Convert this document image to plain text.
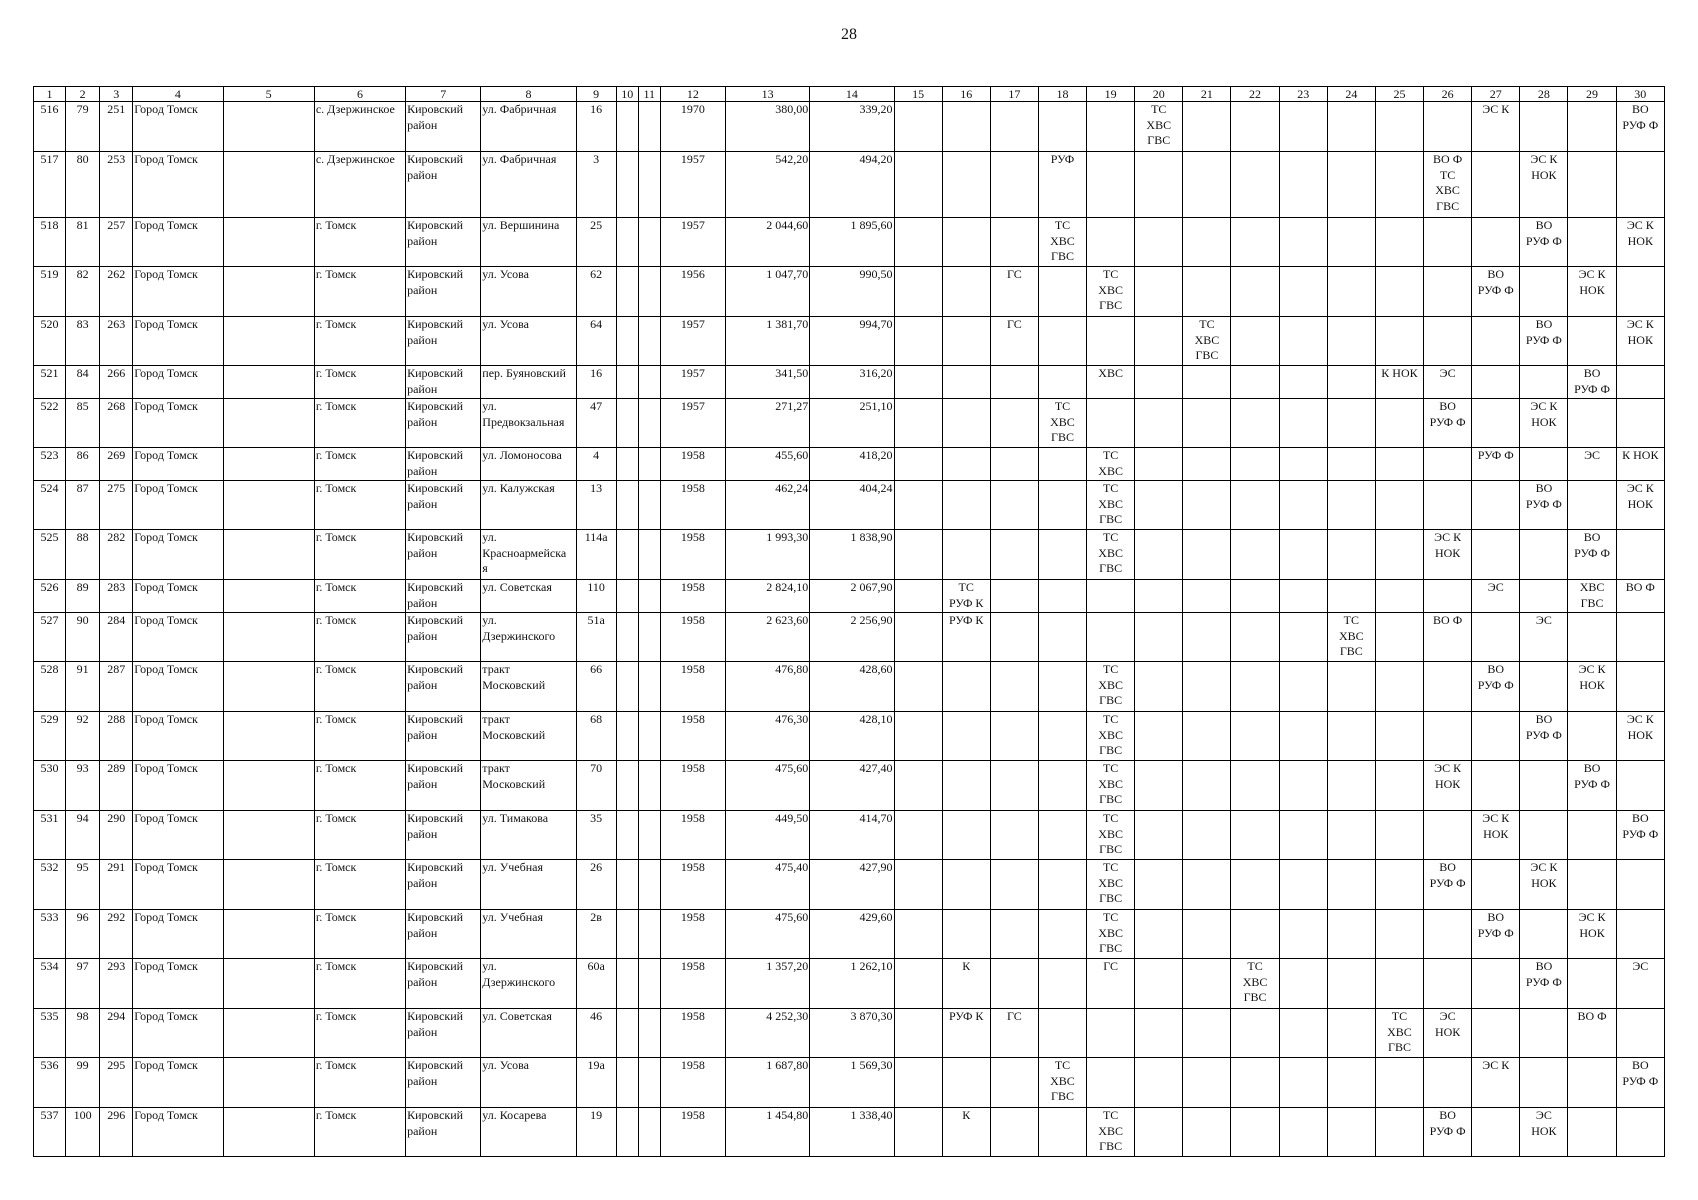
28
1	2	3	4	5	6	7	8	9	10	11	12	13	14	15	16	17	18	19	20	21	22	23	24	25	26	27	28	29	30
516	79	251	Город Томск		с. Дзержинское	Кировский
район	ул. Фабричная	16			1970	380,00	339,20						ТС
ХВС
ГВС							ЭС К			ВО
РУФ Ф
517	80	253	Город Томск		с. Дзержинское	Кировский
район	ул. Фабричная	3			1957	542,20	494,20				РУФ								ВО Ф
ТС
ХВС
ГВС		ЭС К
НОК		
518	81	257	Город Томск		г. Томск	Кировский
район	ул. Вершинина	25			1957	2 044,60	1 895,60				ТС
ХВС
ГВС										ВО
РУФ Ф		ЭС К
НОК
519	82	262	Город Томск		г. Томск	Кировский
район	ул. Усова	62			1956	1 047,70	990,50			ГС		ТС
ХВС
ГВС								ВО
РУФ Ф		ЭС К
НОК	
520	83	263	Город Томск		г. Томск	Кировский
район	ул. Усова	64			1957	1 381,70	994,70			ГС				ТС
ХВС
ГВС							ВО
РУФ Ф		ЭС К
НОК
521	84	266	Город Томск		г. Томск	Кировский
район	пер. Буяновский	16			1957	341,50	316,20					ХВС						К НОК	ЭС			ВО
РУФ Ф	
522	85	268	Город Томск		г. Томск	Кировский
район	ул.
Предвокзальная	47			1957	271,27	251,10				ТС
ХВС
ГВС								ВО
РУФ Ф		ЭС К
НОК		
523	86	269	Город Томск		г. Томск	Кировский
район	ул. Ломоносова	4			1958	455,60	418,20					ТС
ХВС								РУФ Ф		ЭС	К НОК
524	87	275	Город Томск		г. Томск	Кировский
район	ул. Калужская	13			1958	462,24	404,24					ТС
ХВС
ГВС									ВО
РУФ Ф		ЭС К
НОК
525	88	282	Город Томск		г. Томск	Кировский
район	ул.
Красноармейска
я	114а			1958	1 993,30	1 838,90					ТС
ХВС
ГВС							ЭС К
НОК			ВО
РУФ Ф	
526	89	283	Город Томск		г. Томск	Кировский
район	ул. Советская	110			1958	2 824,10	2 067,90		ТС
РУФ К											ЭС		ХВС
ГВС	ВО Ф
527	90	284	Город Томск		г. Томск	Кировский
район	ул.
Дзержинского	51а			1958	2 623,60	2 256,90		РУФ К								ТС
ХВС
ГВС		ВО Ф		ЭС		
528	91	287	Город Томск		г. Томск	Кировский
район	тракт
Московский	66			1958	476,80	428,60					ТС
ХВС
ГВС								ВО
РУФ Ф		ЭС К
НОК	
529	92	288	Город Томск		г. Томск	Кировский
район	тракт
Московский	68			1958	476,30	428,10					ТС
ХВС
ГВС									ВО
РУФ Ф		ЭС К
НОК
530	93	289	Город Томск		г. Томск	Кировский
район	тракт
Московский	70			1958	475,60	427,40					ТС
ХВС
ГВС							ЭС К
НОК			ВО
РУФ Ф	
531	94	290	Город Томск		г. Томск	Кировский
район	ул. Тимакова	35			1958	449,50	414,70					ТС
ХВС
ГВС								ЭС К
НОК			ВО
РУФ Ф
532	95	291	Город Томск		г. Томск	Кировский
район	ул. Учебная	26			1958	475,40	427,90					ТС
ХВС
ГВС							ВО
РУФ Ф		ЭС К
НОК		
533	96	292	Город Томск		г. Томск	Кировский
район	ул. Учебная	2в			1958	475,60	429,60					ТС
ХВС
ГВС								ВО
РУФ Ф		ЭС К
НОК	
534	97	293	Город Томск		г. Томск	Кировский
район	ул.
Дзержинского	60а			1958	1 357,20	1 262,10		К			ГС			ТС
ХВС
ГВС						ВО
РУФ Ф		ЭС
535	98	294	Город Томск		г. Томск	Кировский
район	ул. Советская	46			1958	4 252,30	3 870,30		РУФ К	ГС								ТС
ХВС
ГВС	ЭС
НОК			ВО Ф	
536	99	295	Город Томск		г. Томск	Кировский
район	ул. Усова	19а			1958	1 687,80	1 569,30				ТС
ХВС
ГВС									ЭС К			ВО
РУФ Ф
537	100	296	Город Томск		г. Томск	Кировский
район	ул. Косарева	19			1958	1 454,80	1 338,40		К			ТС
ХВС
ГВС							ВО
РУФ Ф		ЭС
НОК		
